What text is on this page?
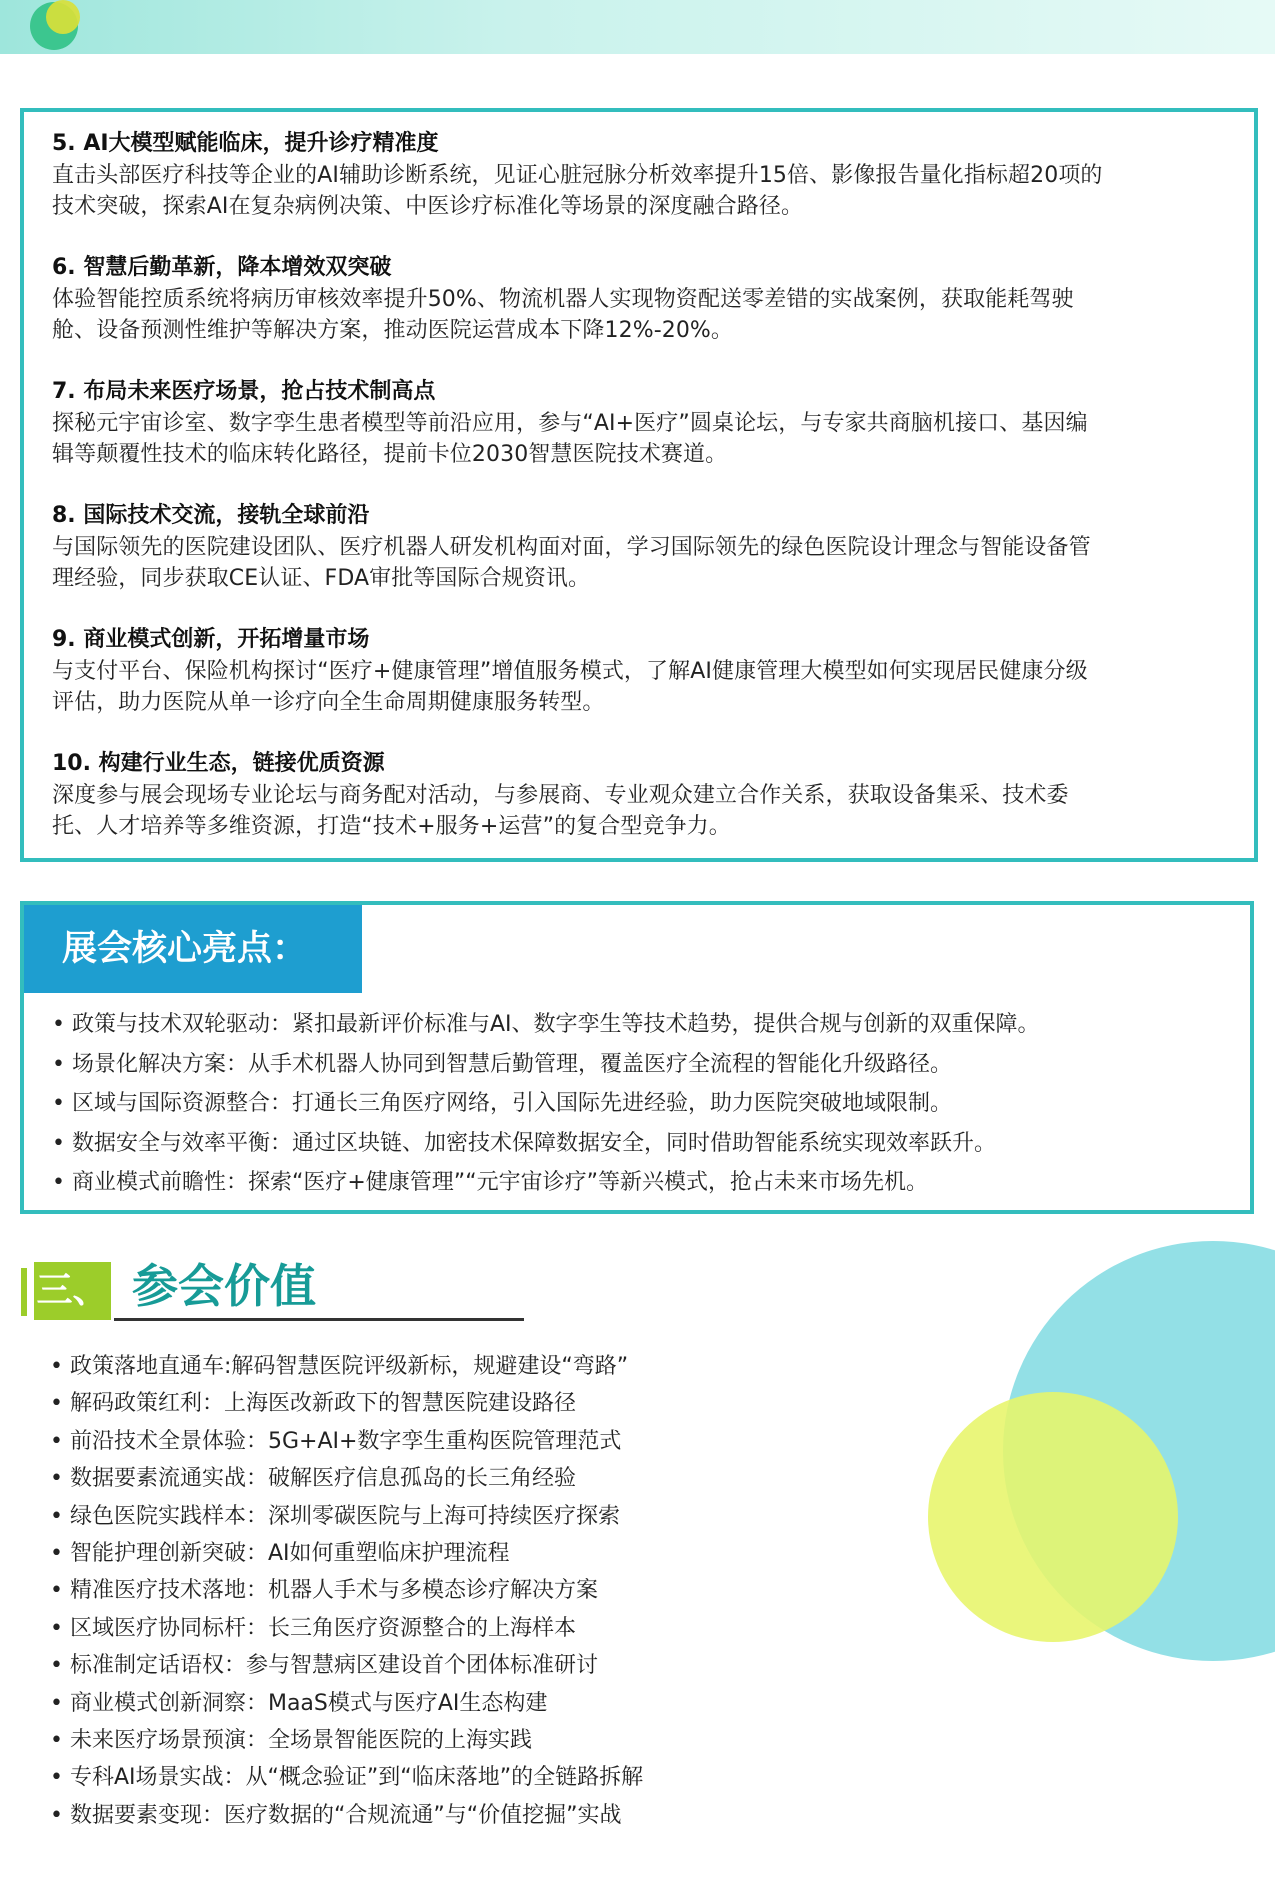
5. AI大模型赋能临床，提升诊疗精准度
直击头部医疗科技等企业的AI辅助诊断系统，见证心脏冠脉分析效率提升15倍、影像报告量化指标超20项的
技术突破，探索AI在复杂病例决策、中医诊疗标准化等场景的深度融合路径。
6. 智慧后勤革新，降本增效双突破
体验智能控质系统将病历审核效率提升50%、物流机器人实现物资配送零差错的实战案例，获取能耗驾驶
舱、设备预测性维护等解决方案，推动医院运营成本下降12%-20%。
7. 布局未来医疗场景，抢占技术制高点
探秘元宇宙诊室、数字孪生患者模型等前沿应用，参与“AI+医疗”圆桌论坛，与专家共商脑机接口、基因编
辑等颠覆性技术的临床转化路径，提前卡位2030智慧医院技术赛道。
8. 国际技术交流，接轨全球前沿
与国际领先的医院建设团队、医疗机器人研发机构面对面，学习国际领先的绿色医院设计理念与智能设备管
理经验，同步获取CE认证、FDA审批等国际合规资讯。
9. 商业模式创新，开拓增量市场
与支付平台、保险机构探讨“医疗+健康管理”增值服务模式，了解AI健康管理大模型如何实现居民健康分级
评估，助力医院从单一诊疗向全生命周期健康服务转型。
10. 构建行业生态，链接优质资源
深度参与展会现场专业论坛与商务配对活动，与参展商、专业观众建立合作关系，获取设备集采、技术委
托、人才培养等多维资源，打造“技术+服务+运营”的复合型竞争力。
展会核心亮点：
• 政策与技术双轮驱动：紧扣最新评价标准与AI、数字孪生等技术趋势，提供合规与创新的双重保障。
• 场景化解决方案：从手术机器人协同到智慧后勤管理，覆盖医疗全流程的智能化升级路径。
• 区域与国际资源整合：打通长三角医疗网络，引入国际先进经验，助力医院突破地域限制。
• 数据安全与效率平衡：通过区块链、加密技术保障数据安全，同时借助智能系统实现效率跃升。
• 商业模式前瞻性：探索“医疗+健康管理”“元宇宙诊疗”等新兴模式，抢占未来市场先机。
三、 参会价值
• 政策落地直通车:解码智慧医院评级新标，规避建设“弯路”
• 解码政策红利：上海医改新政下的智慧医院建设路径
• 前沿技术全景体验：5G+AI+数字孪生重构医院管理范式
• 数据要素流通实战：破解医疗信息孤岛的长三角经验
• 绿色医院实践样本：深圳零碳医院与上海可持续医疗探索
• 智能护理创新突破：AI如何重塑临床护理流程
• 精准医疗技术落地：机器人手术与多模态诊疗解决方案
• 区域医疗协同标杆：长三角医疗资源整合的上海样本
• 标准制定话语权：参与智慧病区建设首个团体标准研讨
• 商业模式创新洞察：MaaS模式与医疗AI生态构建
• 未来医疗场景预演：全场景智能医院的上海实践
• 专科AI场景实战：从“概念验证”到“临床落地”的全链路拆解
• 数据要素变现：医疗数据的“合规流通”与“价值挖掘”实战
